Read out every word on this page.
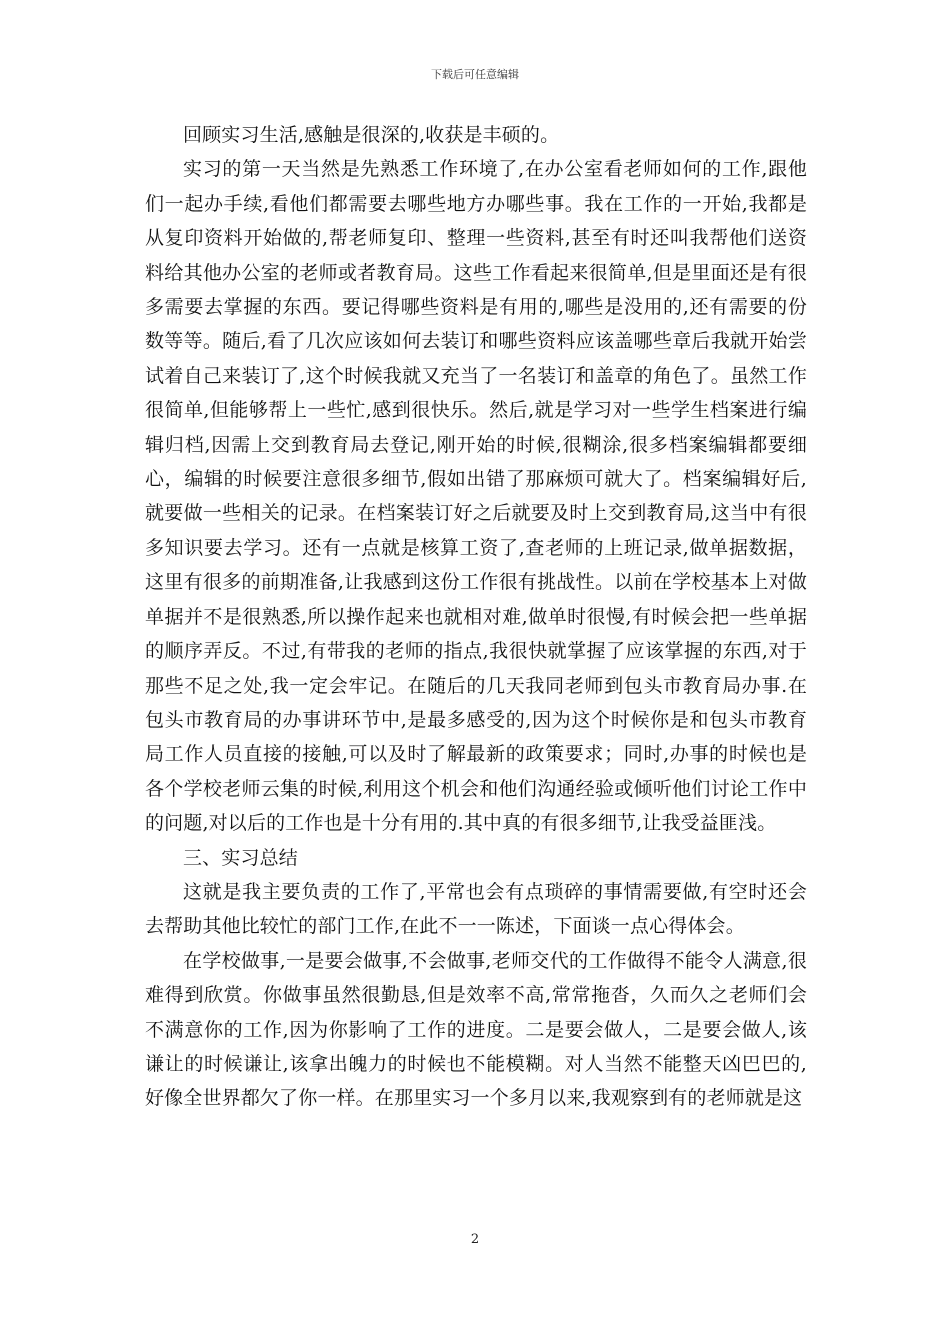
下载后可任意编辑

回顾实习生活,感触是很深的,收获是丰硕的。

实习的第一天当然是先熟悉工作环境了,在办公室看老师如何的工作,跟他们一起办手续,看他们都需要去哪些地方办哪些事。我在工作的一开始,我都是从复印资料开始做的,帮老师复印、整理一些资料,甚至有时还叫我帮他们送资料给其他办公室的老师或者教育局。这些工作看起来很简单,但是里面还是有很多需要去掌握的东西。要记得哪些资料是有用的,哪些是没用的,还有需要的份数等等。随后,看了几次应该如何去装订和哪些资料应该盖哪些章后我就开始尝试着自己来装订了,这个时候我就又充当了一名装订和盖章的角色了。虽然工作很简单,但能够帮上一些忙,感到很快乐。然后,就是学习对一些学生档案进行编辑归档,因需上交到教育局去登记,刚开始的时候,很糊涂,很多档案编辑都要细心，编辑的时候要注意很多细节,假如出错了那麻烦可就大了。档案编辑好后,就要做一些相关的记录。在档案装订好之后就要及时上交到教育局,这当中有很多知识要去学习。还有一点就是核算工资了,查老师的上班记录,做单据数据，这里有很多的前期准备,让我感到这份工作很有挑战性。以前在学校基本上对做单据并不是很熟悉,所以操作起来也就相对难,做单时很慢,有时候会把一些单据的顺序弄反。不过,有带我的老师的指点,我很快就掌握了应该掌握的东西,对于那些不足之处,我一定会牢记。在随后的几天我同老师到包头市教育局办事.在包头市教育局的办事讲环节中,是最多感受的,因为这个时候你是和包头市教育局工作人员直接的接触,可以及时了解最新的政策要求；同时,办事的时候也是各个学校老师云集的时候,利用这个机会和他们沟通经验或倾听他们讨论工作中的问题,对以后的工作也是十分有用的.其中真的有很多细节,让我受益匪浅。

三、实习总结

这就是我主要负责的工作了,平常也会有点琐碎的事情需要做,有空时还会去帮助其他比较忙的部门工作,在此不一一陈述，下面谈一点心得体会。

在学校做事,一是要会做事,不会做事,老师交代的工作做得不能令人满意,很难得到欣赏。你做事虽然很勤恳,但是效率不高,常常拖沓，久而久之老师们会不满意你的工作,因为你影响了工作的进度。二是要会做人，二是要会做人,该谦让的时候谦让,该拿出魄力的时候也不能模糊。对人当然不能整天凶巴巴的,好像全世界都欠了你一样。在那里实习一个多月以来,我观察到有的老师就是这

2
